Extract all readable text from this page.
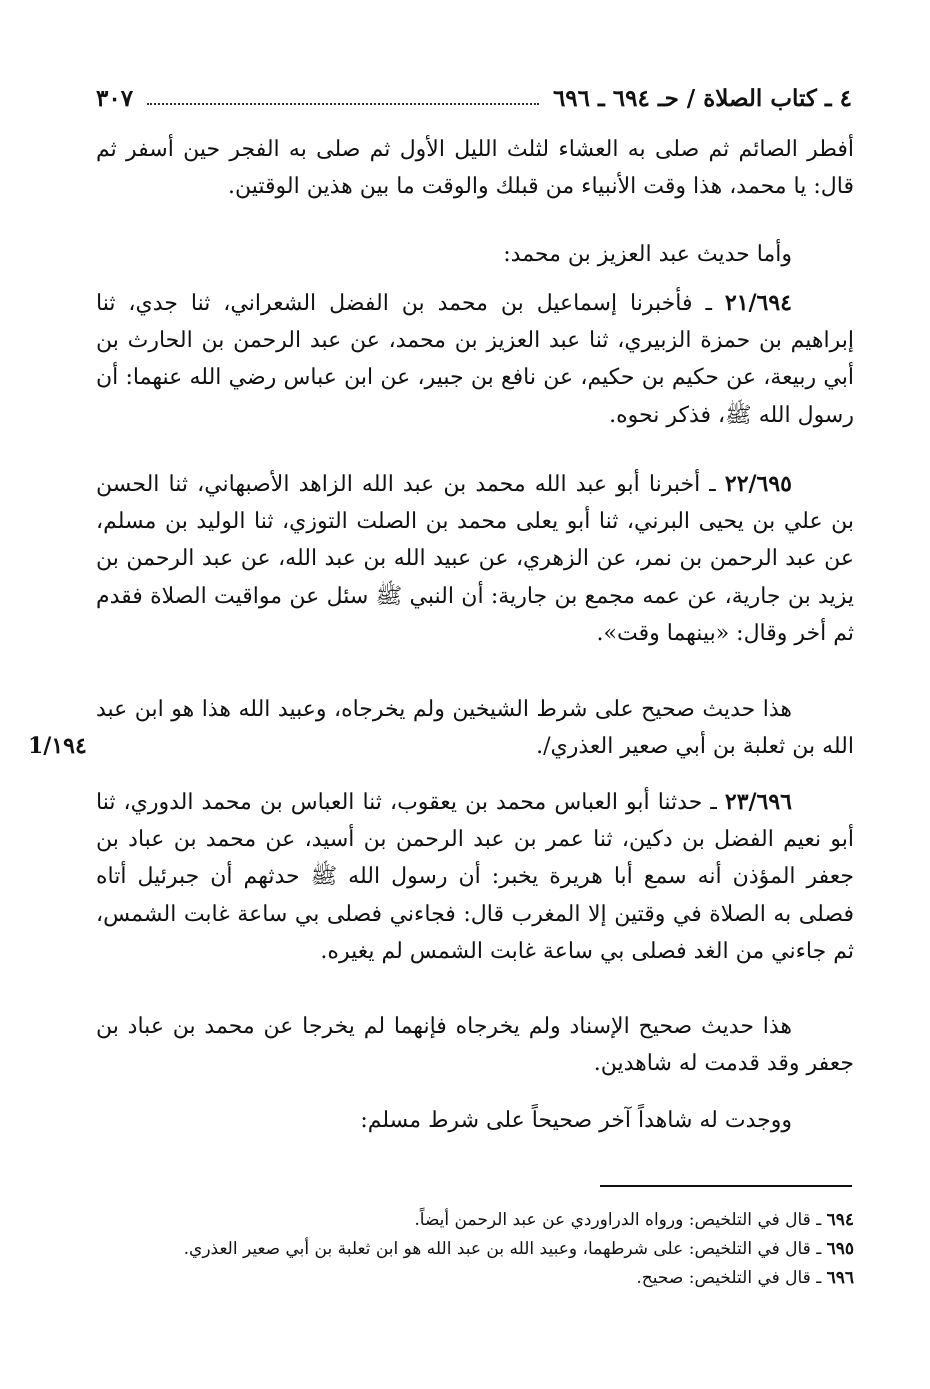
٤ ـ كتاب الصلاة / حـ ٦٩٤ ـ ٦٩٦
٣٠٧
أفطر الصائم ثم صلى به العشاء لثلث الليل الأول ثم صلى به الفجر حين أسفر ثم قال: يا محمد، هذا وقت الأنبياء من قبلك والوقت ما بين هذين الوقتين.
وأما حديث عبد العزيز بن محمد:
٢١/٦٩٤ ـ فأخبرنا إسماعيل بن محمد بن الفضل الشعراني، ثنا جدي، ثنا إبراهيم بن حمزة الزبيري، ثنا عبد العزيز بن محمد، عن عبد الرحمن بن الحارث بن أبي ربيعة، عن حكيم بن حكيم، عن نافع بن جبير، عن ابن عباس رضي الله عنهما: أن رسول الله ﷺ، فذكر نحوه.
٢٢/٦٩٥ ـ أخبرنا أبو عبد الله محمد بن عبد الله الزاهد الأصبهاني، ثنا الحسن بن علي بن يحيى البرني، ثنا أبو يعلى محمد بن الصلت التوزي، ثنا الوليد بن مسلم، عن عبد الرحمن بن نمر، عن الزهري، عن عبيد الله بن عبد الله، عن عبد الرحمن بن يزيد بن جارية، عن عمه مجمع بن جارية: أن النبي ﷺ سئل عن مواقيت الصلاة فقدم ثم أخر وقال: «بينهما وقت».
هذا حديث صحيح على شرط الشيخين ولم يخرجاه، وعبيد الله هذا هو ابن عبد الله بن ثعلبة بن أبي صعير العذري/.
1/١٩٤
٢٣/٦٩٦ ـ حدثنا أبو العباس محمد بن يعقوب، ثنا العباس بن محمد الدوري، ثنا أبو نعيم الفضل بن دكين، ثنا عمر بن عبد الرحمن بن أسيد، عن محمد بن عباد بن جعفر المؤذن أنه سمع أبا هريرة يخبر: أن رسول الله ﷺ حدثهم أن جبرئيل أتاه فصلى به الصلاة في وقتين إلا المغرب قال: فجاءني فصلى بي ساعة غابت الشمس، ثم جاءني من الغد فصلى بي ساعة غابت الشمس لم يغيره.
هذا حديث صحيح الإسناد ولم يخرجاه فإنهما لم يخرجا عن محمد بن عباد بن جعفر وقد قدمت له شاهدين.
ووجدت له شاهداً آخر صحيحاً على شرط مسلم:
٦٩٤ ـ قال في التلخيص: ورواه الدراوردي عن عبد الرحمن أيضاً.
٦٩٥ ـ قال في التلخيص: على شرطهما، وعبيد الله بن عبد الله هو ابن ثعلبة بن أبي صعير العذري.
٦٩٦ ـ قال في التلخيص: صحيح.
